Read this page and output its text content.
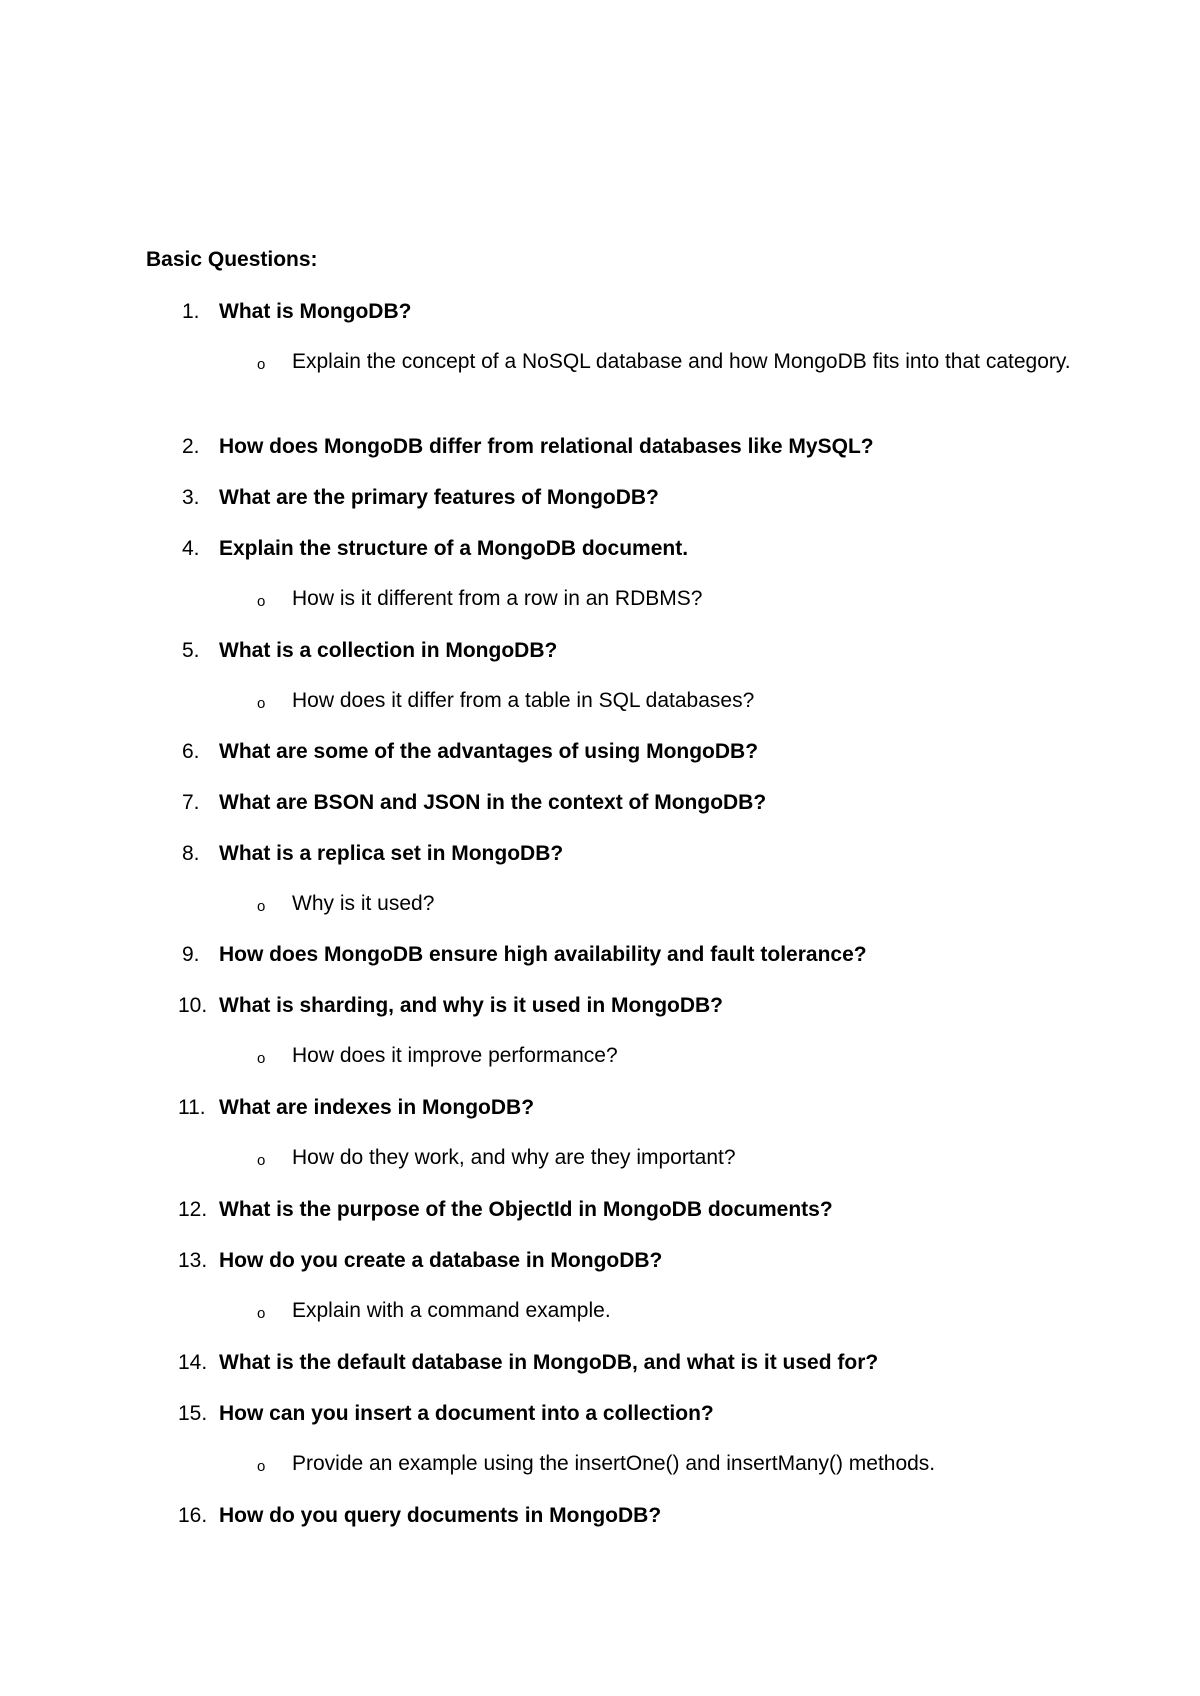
Basic Questions:
1. What is MongoDB?
o Explain the concept of a NoSQL database and how MongoDB fits into that category.
2. How does MongoDB differ from relational databases like MySQL?
3. What are the primary features of MongoDB?
4. Explain the structure of a MongoDB document.
o How is it different from a row in an RDBMS?
5. What is a collection in MongoDB?
o How does it differ from a table in SQL databases?
6. What are some of the advantages of using MongoDB?
7. What are BSON and JSON in the context of MongoDB?
8. What is a replica set in MongoDB?
o Why is it used?
9. How does MongoDB ensure high availability and fault tolerance?
10. What is sharding, and why is it used in MongoDB?
o How does it improve performance?
11. What are indexes in MongoDB?
o How do they work, and why are they important?
12. What is the purpose of the ObjectId in MongoDB documents?
13. How do you create a database in MongoDB?
o Explain with a command example.
14. What is the default database in MongoDB, and what is it used for?
15. How can you insert a document into a collection?
o Provide an example using the insertOne() and insertMany() methods.
16. How do you query documents in MongoDB?
